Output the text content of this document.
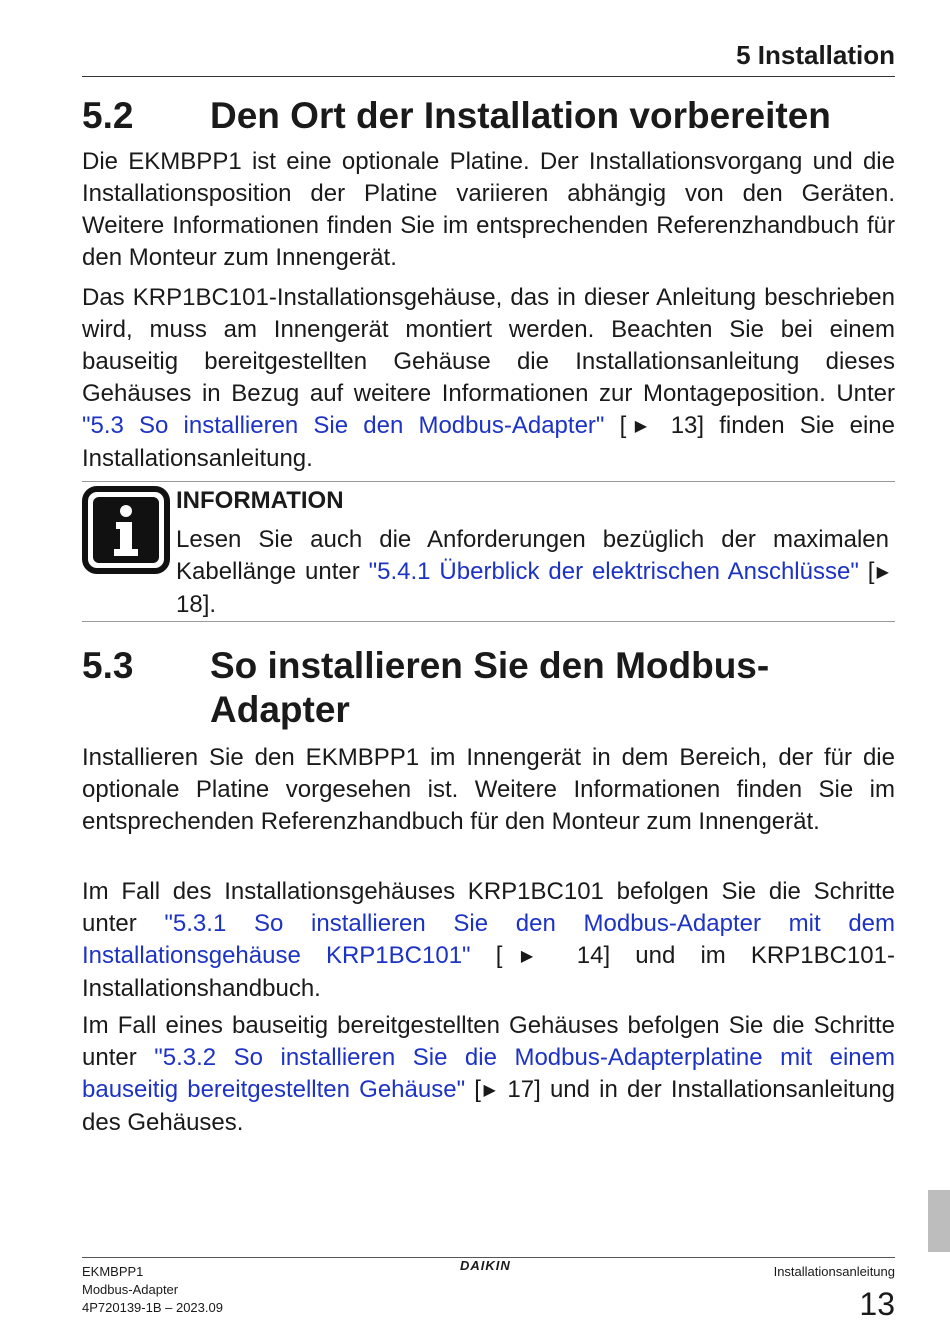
5 Installation
5.2 Den Ort der Installation vorbereiten

Die EKMBPP1 ist eine optionale Platine. Der Installationsvorgang und die Installationsposition der Platine variieren abhängig von den Geräten. Weitere Informationen finden Sie im entsprechenden Referenzhandbuch für den Monteur zum Innengerät.

Das KRP1BC101-Installationsgehäuse, das in dieser Anleitung beschrieben wird, muss am Innengerät montiert werden. Beachten Sie bei einem bauseitig bereitgestellten Gehäuse die Installationsanleitung dieses Gehäuses in Bezug auf weitere Informationen zur Montageposition. Unter "5.3 So installieren Sie den Modbus-Adapter" [▶ 13] finden Sie eine Installationsanleitung.

INFORMATION

Lesen Sie auch die Anforderungen bezüglich der maximalen Kabellänge unter "5.4.1 Überblick der elektrischen Anschlüsse" [▶ 18].

5.3 So installieren Sie den Modbus-
Adapter

Installieren Sie den EKMBPP1 im Innengerät in dem Bereich, der für die optionale Platine vorgesehen ist. Weitere Informationen finden Sie im entsprechenden Referenzhandbuch für den Monteur zum Innengerät.

Im Fall des Installationsgehäuses KRP1BC101 befolgen Sie die Schritte unter "5.3.1 So installieren Sie den Modbus-Adapter mit dem Installationsgehäuse KRP1BC101" [▶ 14] und im KRP1BC101-Installationshandbuch.

Im Fall eines bauseitig bereitgestellten Gehäuses befolgen Sie die Schritte unter "5.3.2 So installieren Sie die Modbus-Adapterplatine mit einem bauseitig bereitgestellten Gehäuse" [▶ 17] und in der Installationsanleitung des Gehäuses.

EKMBPP1
Modbus-Adapter
4P720139-1B – 2023.09
DAIKIN	Installationsanleitung
13
